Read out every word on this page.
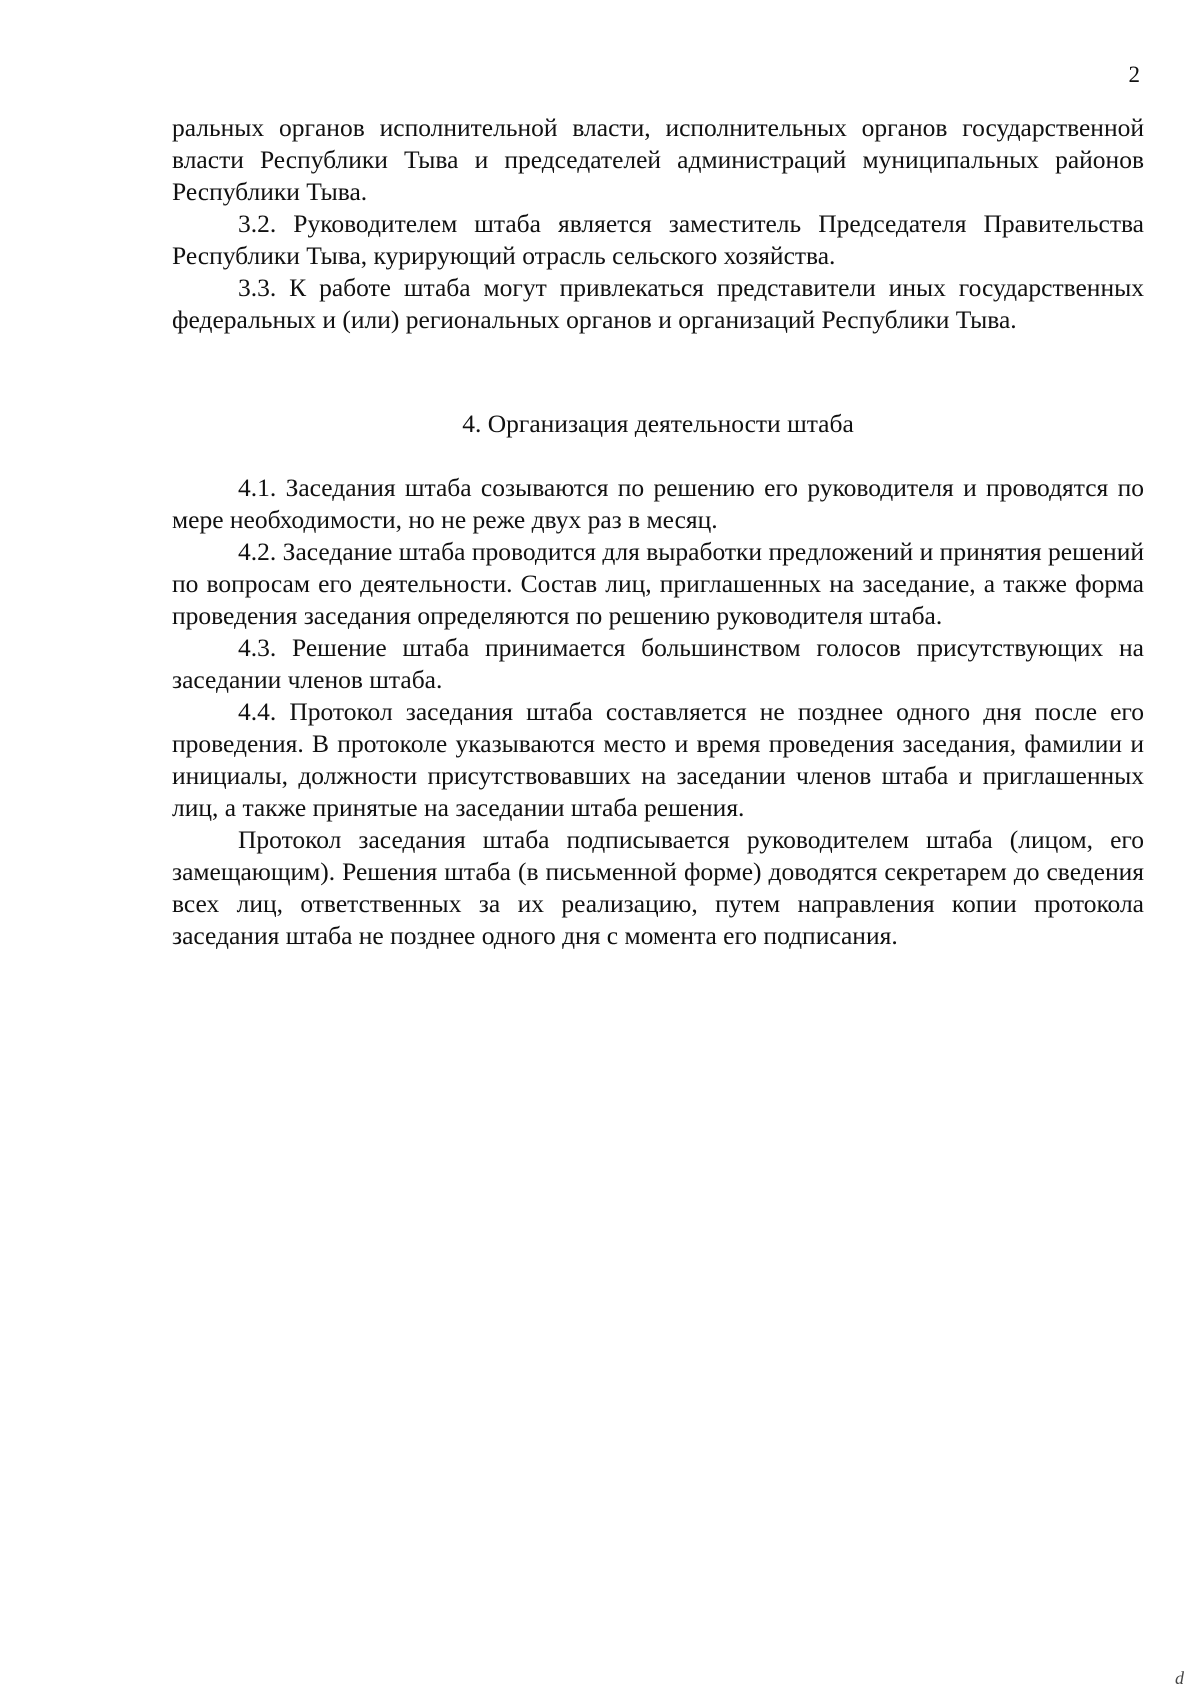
2

ральных органов исполнительной власти, исполнительных органов государственной власти Республики Тыва и председателей администраций муниципальных районов Республики Тыва.

3.2. Руководителем штаба является заместитель Председателя Правительства Республики Тыва, курирующий отрасль сельского хозяйства.

3.3. К работе штаба могут привлекаться представители иных государственных федеральных и (или) региональных органов и организаций Республики Тыва.

4. Организация деятельности штаба

4.1. Заседания штаба созываются по решению его руководителя и проводятся по мере необходимости, но не реже двух раз в месяц.

4.2. Заседание штаба проводится для выработки предложений и принятия решений по вопросам его деятельности. Состав лиц, приглашенных на заседание, а также форма проведения заседания определяются по решению руководителя штаба.

4.3. Решение штаба принимается большинством голосов присутствующих на заседании членов штаба.

4.4. Протокол заседания штаба составляется не позднее одного дня после его проведения. В протоколе указываются место и время проведения заседания, фамилии и инициалы, должности присутствовавших на заседании членов штаба и приглашенных лиц, а также принятые на заседании штаба решения.

Протокол заседания штаба подписывается руководителем штаба (лицом, его замещающим). Решения штаба (в письменной форме) доводятся секретарем до сведения всех лиц, ответственных за их реализацию, путем направления копии протокола заседания штаба не позднее одного дня с момента его подписания.

d
